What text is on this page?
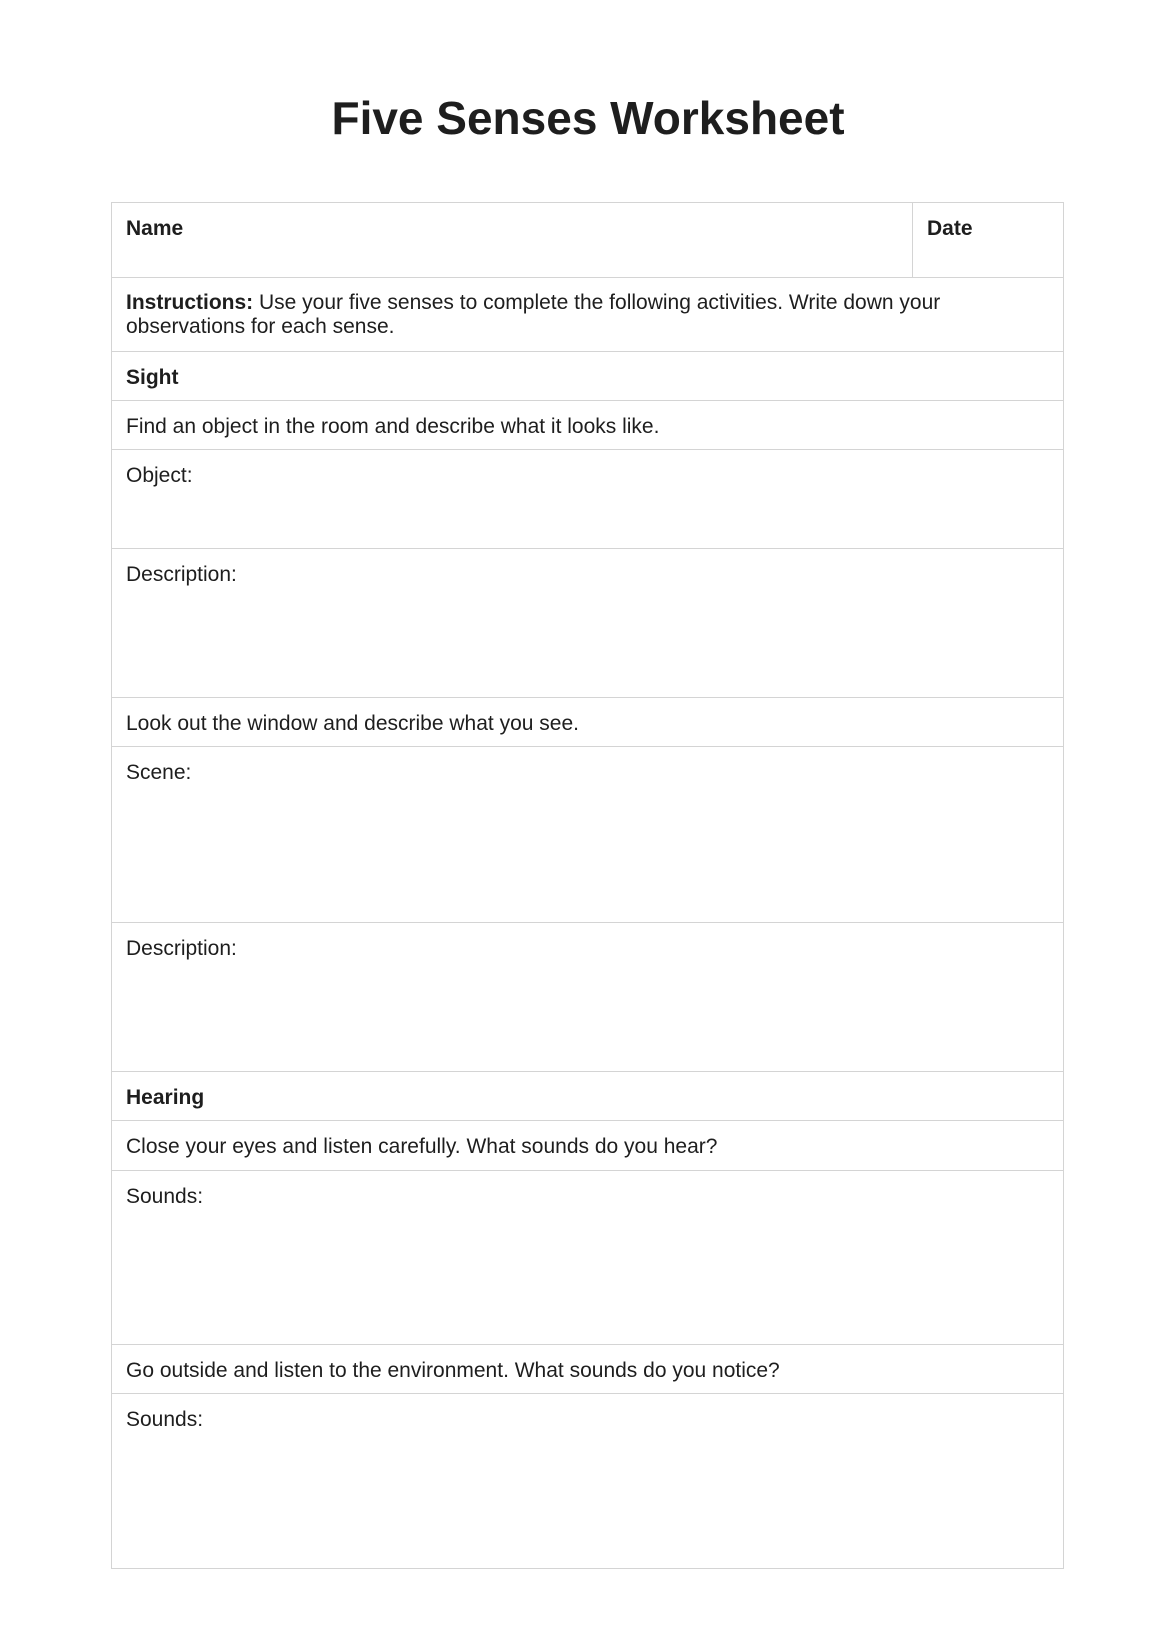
Five Senses Worksheet
Name	Date
Instructions: Use your five senses to complete the following activities. Write down your observations for each sense.
Sight
Find an object in the room and describe what it looks like.
Object:
Description:
Look out the window and describe what you see.
Scene:
Description:
Hearing
Close your eyes and listen carefully. What sounds do you hear?
Sounds:
Go outside and listen to the environment. What sounds do you notice?
Sounds:
